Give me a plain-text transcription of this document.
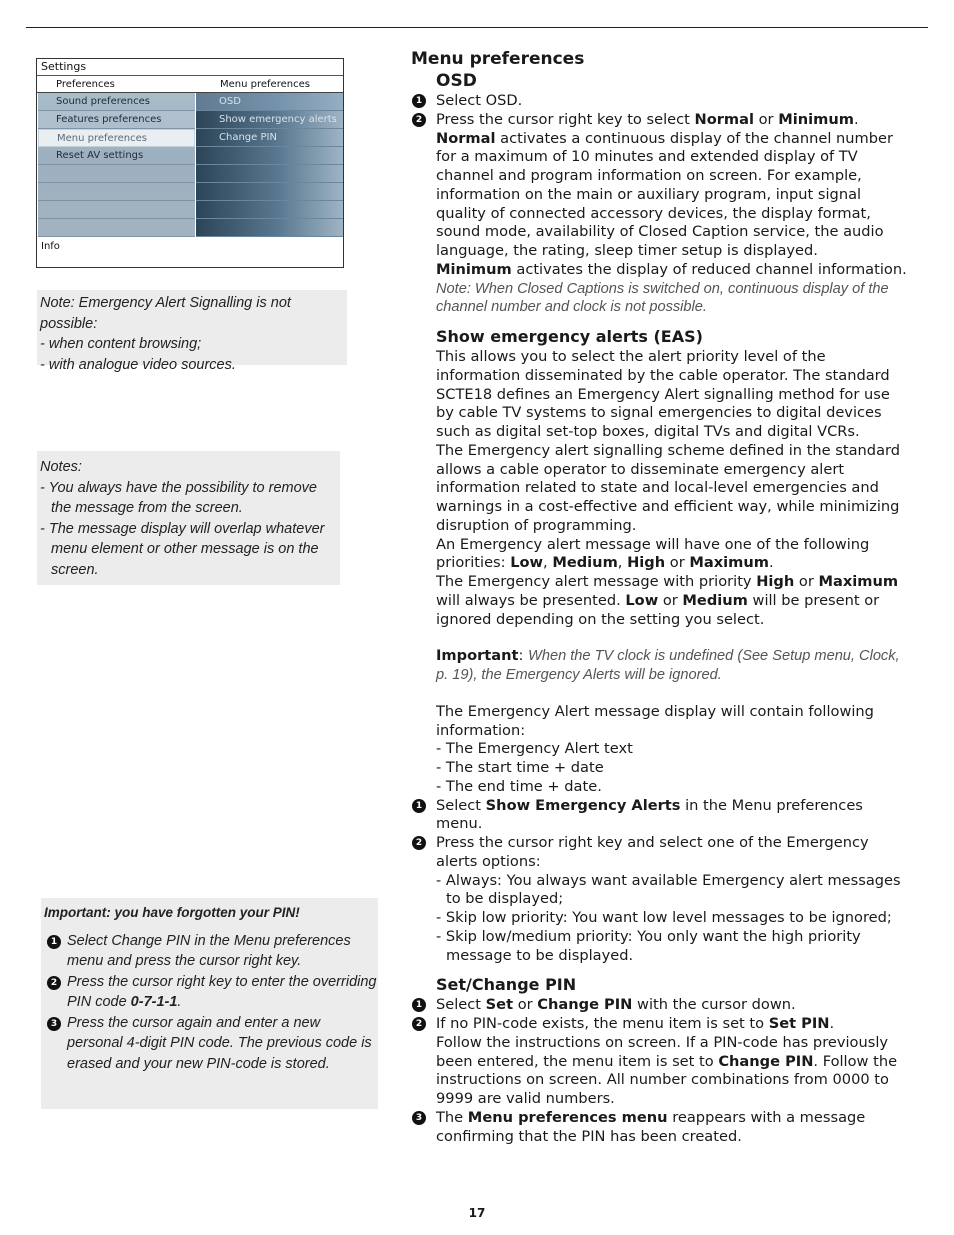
Settings
Preferences	Menu preferences
Sound preferences
Features preferences
Menu preferences
Reset AV settings
OSD
Show emergency alerts
Change PIN
Info
Note: Emergency Alert Signalling is not possible:
- when content browsing;
- with analogue video sources.
Notes:
- You always have the possibility to remove the message from the screen.
- The message display will overlap whatever menu element or other message is on the screen.
Important: you have forgotten your PIN!
1 Select Change PIN in the Menu preferences menu and press the cursor right key.
2 Press the cursor right key to enter the overriding PIN code 0-7-1-1.
3 Press the cursor again and enter a new personal 4-digit PIN code. The previous code is erased and your new PIN-code is stored.
Menu preferences
OSD
1 Select OSD.
2 Press the cursor right key to select Normal or Minimum.

Normal activates a continuous display of the channel number for a maximum of 10 minutes and extended display of TV channel and program information on screen. For example, information on the main or auxiliary program, input signal quality of connected accessory devices, the display format, sound mode, availability of Closed Caption service, the audio language, the rating, sleep timer setup is displayed.

Minimum activates the display of reduced channel information.

Note: When Closed Captions is switched on, continuous display of the channel number and clock is not possible.

Show emergency alerts (EAS)

This allows you to select the alert priority level of the information disseminated by the cable operator. The standard SCTE18 defines an Emergency Alert signalling method for use by cable TV systems to signal emergencies to digital devices such as digital set-top boxes, digital TVs and digital VCRs.

The Emergency alert signalling scheme defined in the standard allows a cable operator to disseminate emergency alert information related to state and local-level emergencies and warnings in a cost-effective and efficient way, while minimizing disruption of programming.

An Emergency alert message will have one of the following priorities: Low, Medium, High or Maximum.

The Emergency alert message with priority High or Maximum will always be presented. Low or Medium will be present or ignored depending on the setting you select.

Important: When the TV clock is undefined (See Setup menu, Clock, p. 19), the Emergency Alerts will be ignored.

The Emergency Alert message display will contain following information:

- The Emergency Alert text

- The start time + date

- The end time + date.

1 Select Show Emergency Alerts in the Menu preferences menu.
2 Press the cursor right key and select one of the Emergency alerts options:
- Always: You always want available Emergency alert messages to be displayed;
- Skip low priority: You want low level messages to be ignored;
- Skip low/medium priority: You only want the high priority message to be displayed.
Set/Change PIN
1 Select Set or Change PIN with the cursor down.
2 If no PIN-code exists, the menu item is set to Set PIN.

Follow the instructions on screen. If a PIN-code has previously been entered, the menu item is set to Change PIN. Follow the instructions on screen. All number combinations from 0000 to 9999 are valid numbers.

3 The Menu preferences menu reappears with a message confirming that the PIN has been created.
17
